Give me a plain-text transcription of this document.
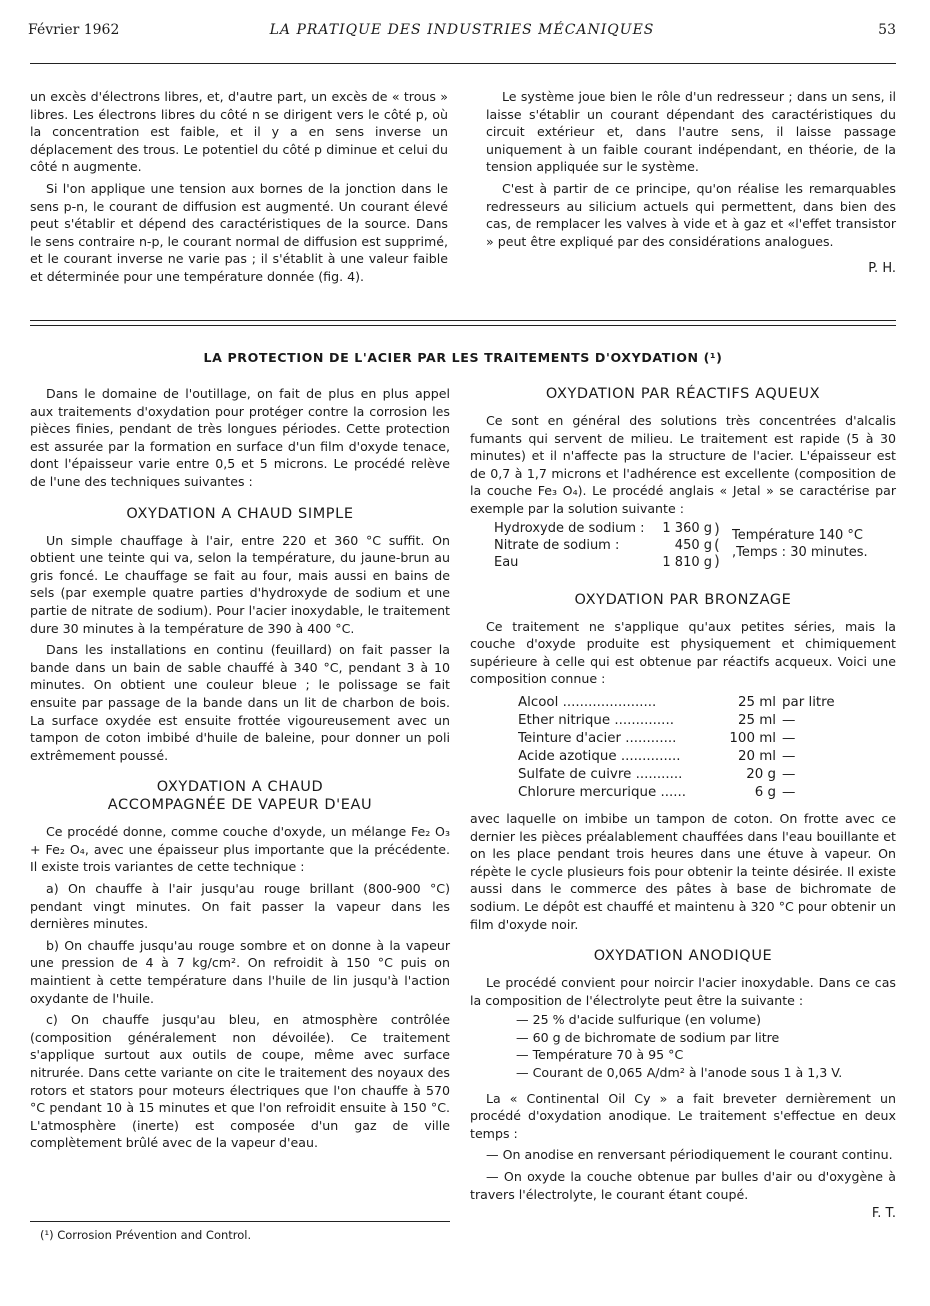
Février 1962	LA PRATIQUE DES INDUSTRIES MÉCANIQUES	53

un excès d'électrons libres, et, d'autre part, un excès de « trous » libres. Les électrons libres du côté n se dirigent vers le côté p, où la concentration est faible, et il y a en sens inverse un déplacement des trous. Le potentiel du côté p diminue et celui du côté n augmente.

Si l'on applique une tension aux bornes de la jonction dans le sens p-n, le courant de diffusion est augmenté. Un courant élevé peut s'établir et dépend des caractéristiques de la source. Dans le sens contraire n-p, le courant normal de diffusion est supprimé, et le courant inverse ne varie pas ; il s'établit à une valeur faible et déterminée pour une température donnée (fig. 4).

Le système joue bien le rôle d'un redresseur ; dans un sens, il laisse s'établir un courant dépendant des caractéristiques du circuit extérieur et, dans l'autre sens, il laisse passage uniquement à un faible courant indépendant, en théorie, de la tension appliquée sur le système.

C'est à partir de ce principe, qu'on réalise les remarquables redresseurs au silicium actuels qui permettent, dans bien des cas, de remplacer les valves à vide et à gaz et «l'effet transistor » peut être expliqué par des considérations analogues.

P. H.
LA PROTECTION DE L'ACIER PAR LES TRAITEMENTS D'OXYDATION (¹)

Dans le domaine de l'outillage, on fait de plus en plus appel aux traitements d'oxydation pour protéger contre la corrosion les pièces finies, pendant de très longues périodes. Cette protection est assurée par la formation en surface d'un film d'oxyde tenace, dont l'épaisseur varie entre 0,5 et 5 microns. Le procédé relève de l'une des techniques suivantes :

OXYDATION A CHAUD SIMPLE

Un simple chauffage à l'air, entre 220 et 360 °C suffit. On obtient une teinte qui va, selon la température, du jaune-brun au gris foncé. Le chauffage se fait au four, mais aussi en bains de sels (par exemple quatre parties d'hydroxyde de sodium et une partie de nitrate de sodium). Pour l'acier inoxydable, le traitement dure 30 minutes à la température de 390 à 400 °C.

Dans les installations en continu (feuillard) on fait passer la bande dans un bain de sable chauffé à 340 °C, pendant 3 à 10 minutes. On obtient une couleur bleue ; le polissage se fait ensuite par passage de la bande dans un lit de charbon de bois. La surface oxydée est ensuite frottée vigoureusement avec un tampon de coton imbibé d'huile de baleine, pour donner un poli extrêmement poussé.

OXYDATION A CHAUD
ACCOMPAGNÉE DE VAPEUR D'EAU

Ce procédé donne, comme couche d'oxyde, un mélange Fe₂ O₃ + Fe₂ O₄, avec une épaisseur plus importante que la précédente. Il existe trois variantes de cette technique :

a) On chauffe à l'air jusqu'au rouge brillant (800-900 °C) pendant vingt minutes. On fait passer la vapeur dans les dernières minutes.

b) On chauffe jusqu'au rouge sombre et on donne à la vapeur une pression de 4 à 7 kg/cm². On refroidit à 150 °C puis on maintient à cette température dans l'huile de lin jusqu'à l'action oxydante de l'huile.

c) On chauffe jusqu'au bleu, en atmosphère contrôlée (composition généralement non dévoilée). Ce traitement s'applique surtout aux outils de coupe, même avec surface nitrurée. Dans cette variante on cite le traitement des noyaux des rotors et stators pour moteurs électriques que l'on chauffe à 570 °C pendant 10 à 15 minutes et que l'on refroidit ensuite à 150 °C. L'atmosphère (inerte) est composée d'un gaz de ville complètement brûlé avec de la vapeur d'eau.

OXYDATION PAR RÉACTIFS AQUEUX

Ce sont en général des solutions très concentrées d'alcalis fumants qui servent de milieu. Le traitement est rapide (5 à 30 minutes) et il n'affecte pas la structure de l'acier. L'épaisseur est de 0,7 à 1,7 microns et l'adhérence est excellente (composition de la couche Fe₃ O₄). Le procédé anglais « Jetal » se caractérise par exemple par la solution suivante :

Hydroxyde de sodium :	1 360 g
Nitrate de sodium :	450 g
Eau	1 810 g
)
(
)
Température 140 °C
,Temps : 30 minutes.
OXYDATION PAR BRONZAGE

Ce traitement ne s'applique qu'aux petites séries, mais la couche d'oxyde produite est physiquement et chimiquement supérieure à celle qui est obtenue par réactifs acqueux. Voici une composition connue :

Alcool ......................	25 ml par litre
Ether nitrique ..............	25 ml —
Teinture d'acier ............	100 ml —
Acide azotique ..............	20 ml —
Sulfate de cuivre ...........	20 g —
Chlorure mercurique ......	6 g —

avec laquelle on imbibe un tampon de coton. On frotte avec ce dernier les pièces préalablement chauffées dans l'eau bouillante et on les place pendant trois heures dans une étuve à vapeur. On répète le cycle plusieurs fois pour obtenir la teinte désirée. Il existe aussi dans le commerce des pâtes à base de bichromate de sodium. Le dépôt est chauffé et maintenu à 320 °C pour obtenir un film d'oxyde noir.

OXYDATION ANODIQUE

Le procédé convient pour noircir l'acier inoxydable. Dans ce cas la composition de l'électrolyte peut être la suivante :

— 25 % d'acide sulfurique (en volume)
— 60 g de bichromate de sodium par litre
— Température 70 à 95 °C
— Courant de 0,065 A/dm² à l'anode sous 1 à 1,3 V.

La « Continental Oil Cy » a fait breveter dernièrement un procédé d'oxydation anodique. Le traitement s'effectue en deux temps :

— On anodise en renversant périodiquement le courant continu.

— On oxyde la couche obtenue par bulles d'air ou d'oxygène à travers l'électrolyte, le courant étant coupé.

F. T.
(¹) Corrosion Prévention and Control.
